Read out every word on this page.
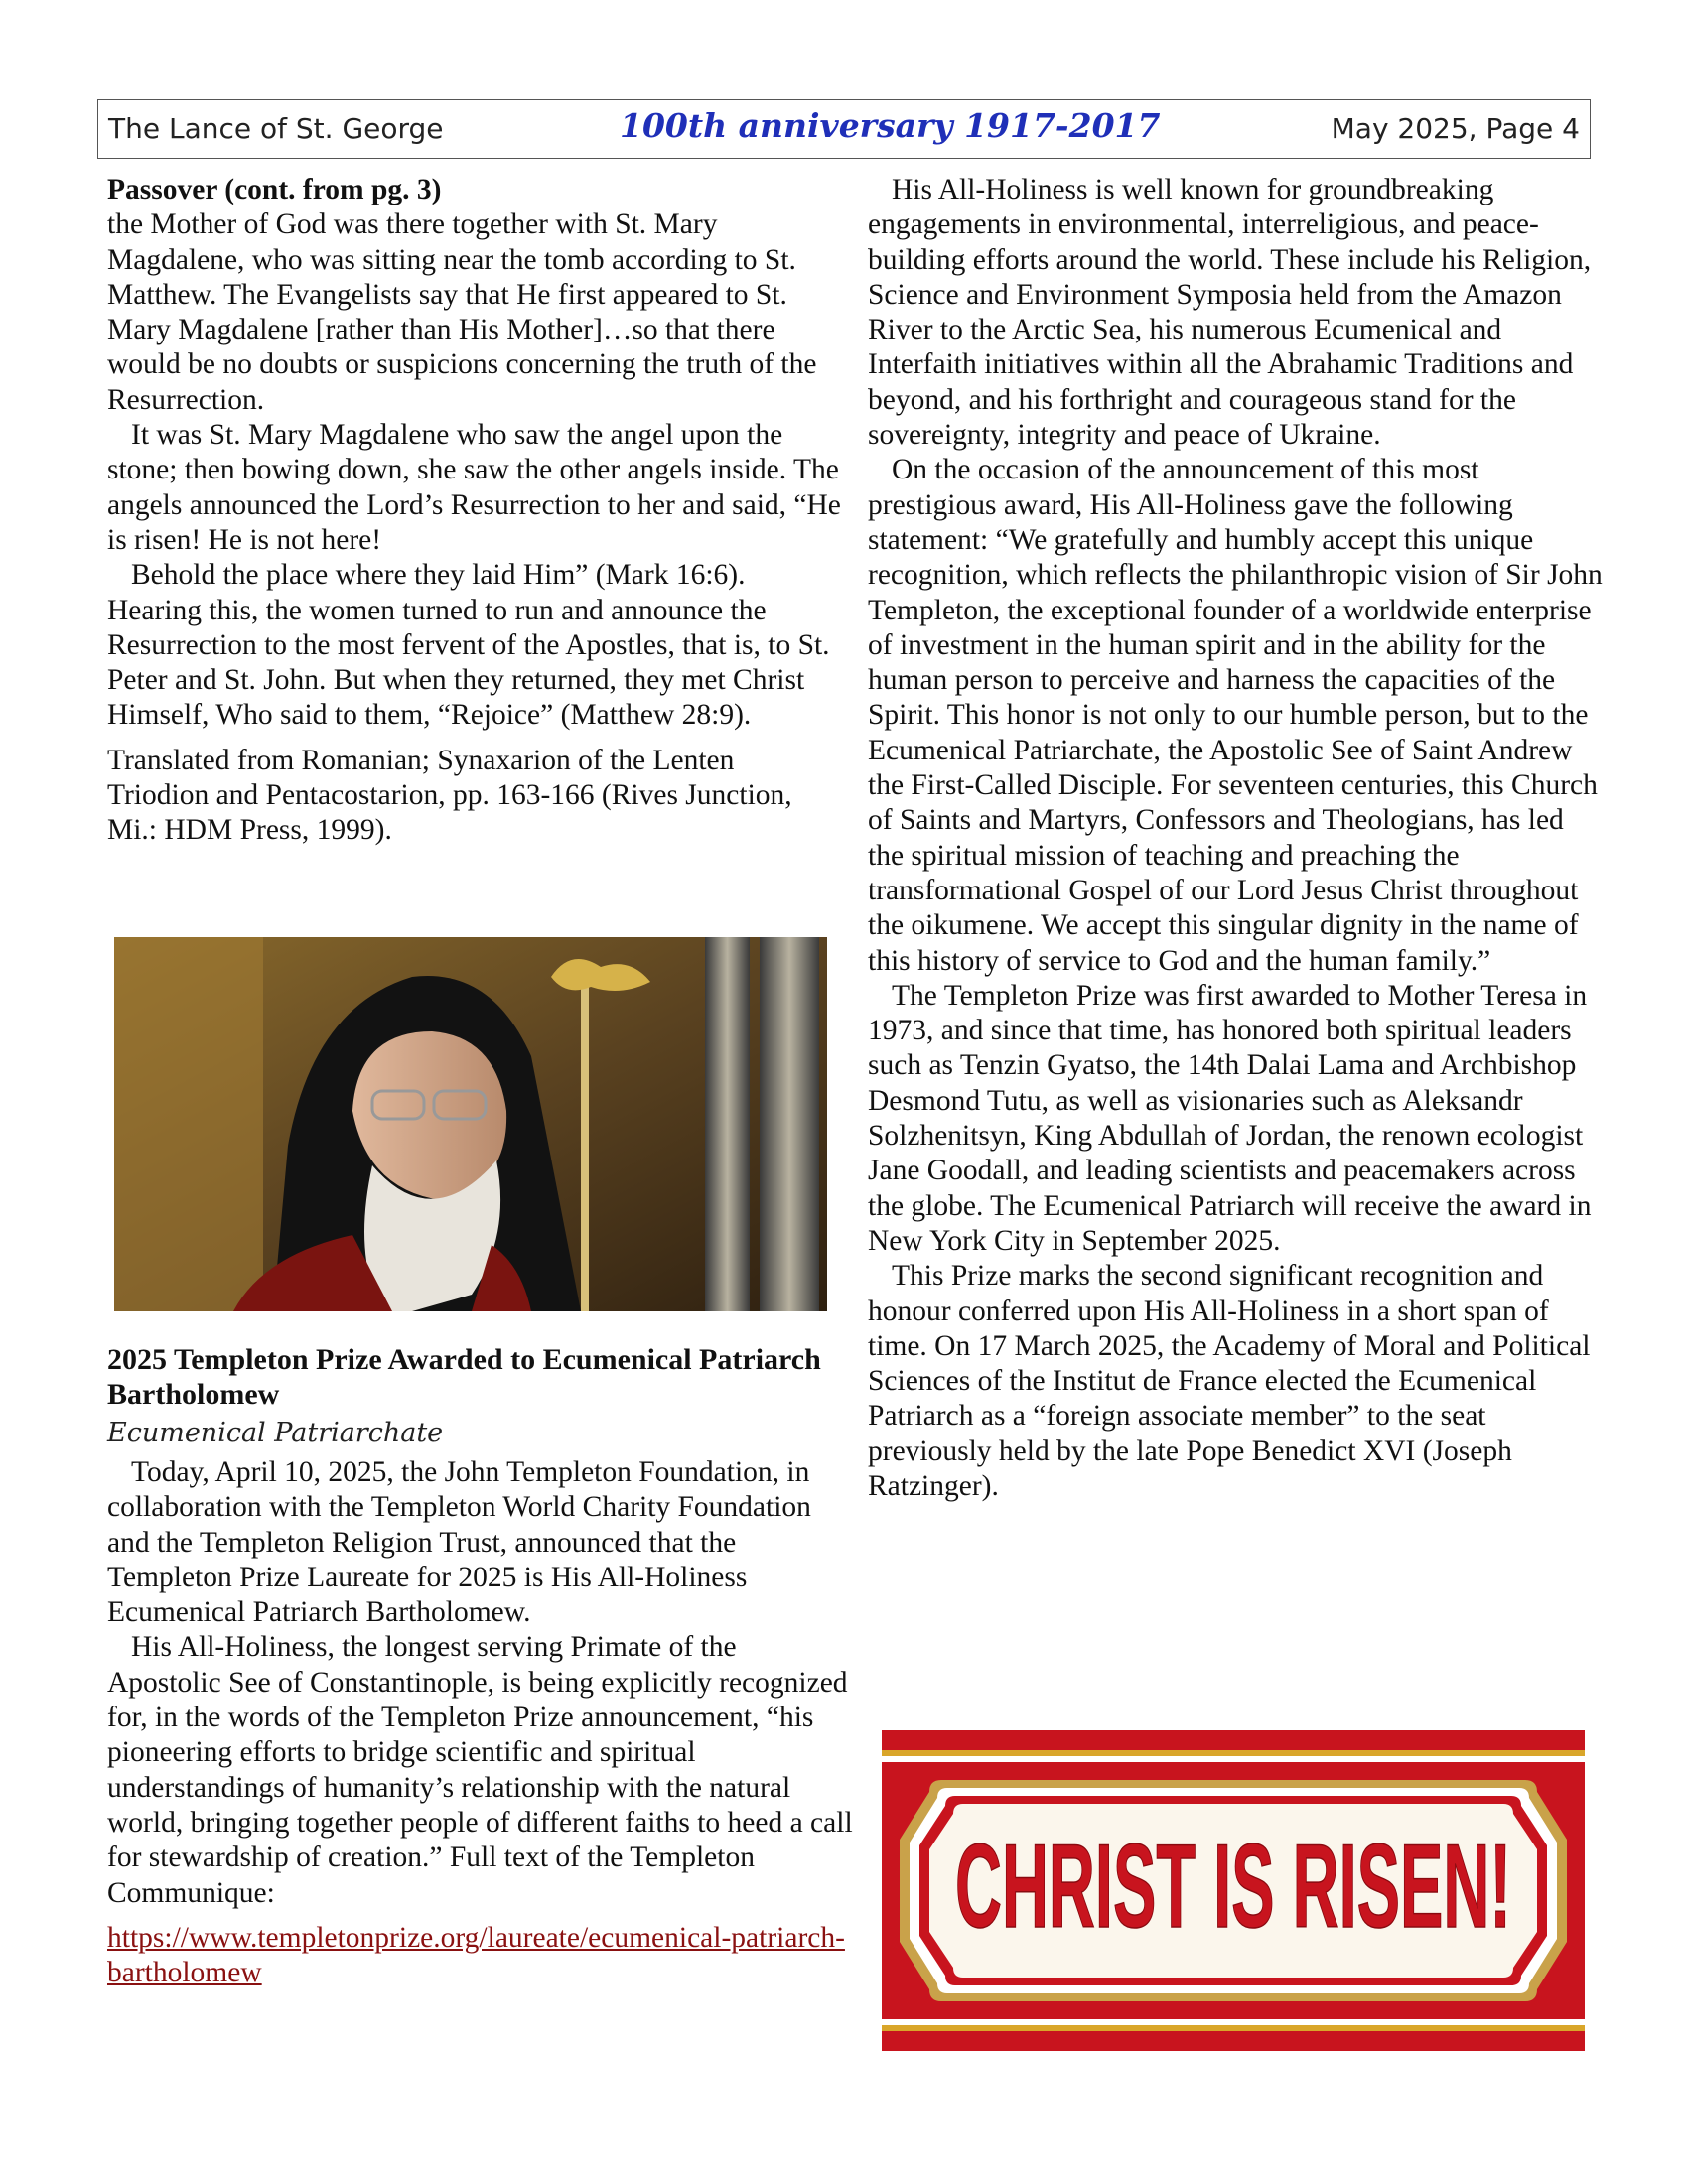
The Lance of St. George	100th anniversary 1917-2017	May 2025, Page 4

Passover (cont. from pg. 3)

the Mother of God was there together with St. Mary Magdalene, who was sitting near the tomb according to St. Matthew. The Evangelists say that He first appeared to St. Mary Magdalene [rather than His Mother]…so that there would be no doubts or suspicions concerning the truth of the Resurrection.

It was St. Mary Magdalene who saw the angel upon the stone; then bowing down, she saw the other angels inside. The angels announced the Lord’s Resurrection to her and said, “He is risen! He is not here!

Behold the place where they laid Him” (Mark 16:6). Hearing this, the women turned to run and announce the Resurrection to the most fervent of the Apostles, that is, to St. Peter and St. John. But when they returned, they met Christ Himself, Who said to them, “Rejoice” (Matthew 28:9).

Translated from Romanian; Synaxarion of the Lenten Triodion and Pentacostarion, pp. 163-166 (Rives Junction, Mi.: HDM Press, 1999).

2025 Templeton Prize Awarded to Ecumenical Patriarch Bartholomew

Ecumenical Patriarchate

Today, April 10, 2025, the John Templeton Foundation, in collaboration with the Templeton World Charity Foundation and the Templeton Religion Trust, announced that the Templeton Prize Laureate for 2025 is His All-Holiness Ecumenical Patriarch Bartholomew.

His All-Holiness, the longest serving Primate of the Apostolic See of Constantinople, is being explicitly recognized for, in the words of the Templeton Prize announcement, “his pioneering efforts to bridge scientific and spiritual understandings of humanity’s relationship with the natural world, bringing together people of different faiths to heed a call for stewardship of creation.” Full text of the Templeton Communique:

https://www.templetonprize.org/laureate/ecumenical-patriarch-bartholomew

His All-Holiness is well known for groundbreaking engagements in environmental, interreligious, and peace-building efforts around the world. These include his Religion, Science and Environment Symposia held from the Amazon River to the Arctic Sea, his numerous Ecumenical and Interfaith initiatives within all the Abrahamic Traditions and beyond, and his forthright and courageous stand for the sovereignty, integrity and peace of Ukraine.

On the occasion of the announcement of this most prestigious award, His All-Holiness gave the following statement: “We gratefully and humbly accept this unique recognition, which reflects the philanthropic vision of Sir John Templeton, the exceptional founder of a worldwide enterprise of investment in the human spirit and in the ability for the human person to perceive and harness the capacities of the Spirit. This honor is not only to our humble person, but to the Ecumenical Patriarchate, the Apostolic See of Saint Andrew the First-Called Disciple. For seventeen centuries, this Church of Saints and Martyrs, Confessors and Theologians, has led the spiritual mission of teaching and preaching the transformational Gospel of our Lord Jesus Christ throughout the oikumene. We accept this singular dignity in the name of this history of service to God and the human family.”

The Templeton Prize was first awarded to Mother Teresa in 1973, and since that time, has honored both spiritual leaders such as Tenzin Gyatso, the 14th Dalai Lama and Archbishop Desmond Tutu, as well as visionaries such as Aleksandr Solzhenitsyn, King Abdullah of Jordan, the renown ecologist Jane Goodall, and leading scientists and peacemakers across the globe. The Ecumenical Patriarch will receive the award in New York City in September 2025.

This Prize marks the second significant recognition and honour conferred upon His All-Holiness in a short span of time. On 17 March 2025, the Academy of Moral and Political Sciences of the Institut de France elected the Ecumenical Patriarch as a “foreign associate member” to the seat previously held by the late Pope Benedict XVI (Joseph Ratzinger).

CHRIST IS RISEN!
